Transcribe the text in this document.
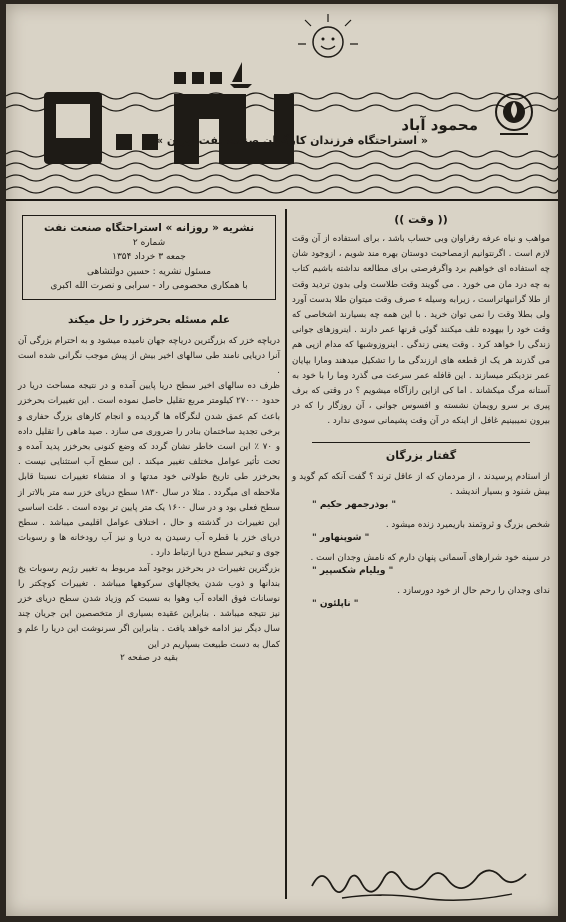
محمود آباد
« استراحتگاه فرزندان کارگران صنعت نفت ایران »
(( وقت ))

مواهب و نیاه عرفه رفراوان وبی حساب باشد ، برای استفاده از آن وقت لازم است . اگرنتوانیم ازمصاحبت دوستان بهره مند شویم ، ازوجود شان چه استفاده ای خواهیم برد واگرفرصتی برای مطالعه نداشته باشیم کتاب به چه درد مان می خورد . می گویند وقت طلاست ولی بدون تردید وقت از طلا گرانبهاتراست ، زیرابه وسیله ء صرف وقت میتوان طلا بدست آورد ولی بطلا وقت را نمی توان خرید . با این همه چه بسیارند اشخاصی که وقت خود را بیهوده تلف میکنند گوئی قرنها عمر دارند . اینروزهای جوانی زندگی را خواهد کرد . وقت یعنی زندگی . اینروزوشبها که مدام ازپی هم می گذرند هر یک از قطعه های ارزندگی ما را تشکیل میدهند ومارا بپایان عمر نزدیکتر میسازند . این قافله عمر سرعت می گذرد وما را با خود به آستانه مرگ میکشاند . اما کی ازاین رازآگاه میشویم ؟ در وقتی که برف پیری بر سرو رویمان نشسته و افسوس جوانی ، آن روزگار را که در بیرون نمیبینیم غافل از اینکه در آن وقت پشیمانی سودی ندارد .

گفتار بزرگان

از استادم پرسیدند ، از مردمان که از عاقل ترند ؟ گفت آنکه کم گوید و بیش شنود و بسیار اندیشد .

" بوذرجمهر حکیم "

شخص بزرگ و ثروتمند باریمیرد زنده میشود .

" شوپنهاور "

در سینه خود شرارهای آسمانی پنهان دارم که نامش وجدان است .

" ویلیام شکسپیر "

ندای وجدان را رحم حال از خود دورسازد .

" ناپلئون "
نشریه « روزانه » استراحتگاه صنعت نفت
شماره ۲
جمعه ۳ خرداد ۱۳۵۴
مسئول نشریه : حسین دولتشاهی
با همکاری محصومی راد - سرابی و نصرت الله اکبری
علم مسئله بحرخزر را حل میکند

دریاچه خزر که بزرگترین دریاچه جهان نامیده میشود و به احترام بزرگی آن آنرا دریایی نامند طی سالهای اخیر بیش از پیش موجب نگرانی شده است .

ظرف ده سالهای اخیر سطح دریا پایین آمده و در نتیجه مساحت دریا در حدود ۲۷۰۰۰ کیلومتر مربع تقلیل حاصل نموده است . این تغییرات بحرخزر باعث کم عمق شدن لنگرگاه ها گردیده و انجام کارهای بزرگ حفاری و برخی تجدید ساختمان بنادر را ضروری می سازد . صید ماهی را تقلیل داده و ۷۰ ٪ این است خاطر نشان گردد که وضع کنونی بحرخزر پدید آمده و تحت تأثیر عوامل مختلف تغییر میکند . این سطح آب استثنایی نیست . بحرخزر طی تاریخ طولانی خود مدتها و اد منشاء تغییرات نسبتا قابل ملاحظه ای میگردد . مثلا در سال ۱۸۳۰ سطح دریای خزر سه متر بالاتر از سطح فعلی بود و در سال ۱۶۰۰ یک متر پایین تر بوده است . علت اساسی این تغییرات در گذشته و حال ، اختلاف عوامل اقلیمی میباشد . سطح دریای خزر با قطره آب رسیدن به دریا و نیز آب رودخانه ها و رسوبات جوی و تبخیر سطح دریا ارتباط دارد .

بزرگترین تغییرات در بحرخزر بوجود آمد مربوط به تغییر رژیم رسوبات یخ بندانها و ذوب شدن یخچالهای سرکوهها میباشد . تغییرات کوچکتر را نوسانات فوق العاده آب وهوا به نسبت کم وزیاد شدن سطح دریای خزر نیز نتیجه میباشد . بنابراین عقیده بسیاری از متخصصین این جریان چند سال دیگر نیز ادامه خواهد یافت . بنابراین اگر سرنوشت این دریا را علم و کمال به دست طبیعت بسپاریم در این

بقیه در صفحه ۲
